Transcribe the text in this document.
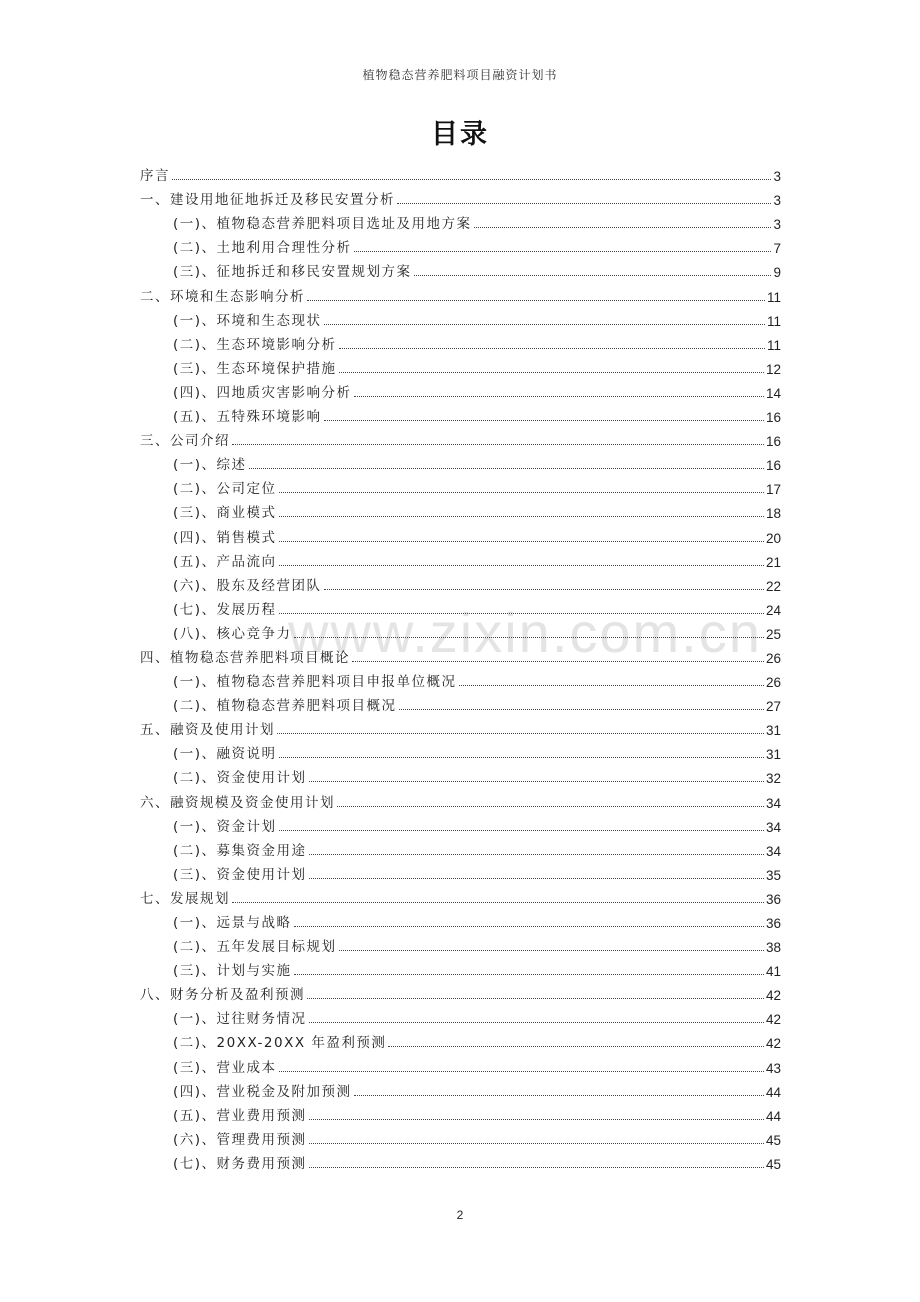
植物稳态营养肥料项目融资计划书
目录
www.zixin.com.cn
序言	3
一、建设用地征地拆迁及移民安置分析	3
(一)、植物稳态营养肥料项目选址及用地方案	3
(二)、土地利用合理性分析	7
(三)、征地拆迁和移民安置规划方案	9
二、环境和生态影响分析	11
(一)、环境和生态现状	11
(二)、生态环境影响分析	11
(三)、生态环境保护措施	12
(四)、四地质灾害影响分析	14
(五)、五特殊环境影响	16
三、公司介绍	16
(一)、综述	16
(二)、公司定位	17
(三)、商业模式	18
(四)、销售模式	20
(五)、产品流向	21
(六)、股东及经营团队	22
(七)、发展历程	24
(八)、核心竞争力	25
四、植物稳态营养肥料项目概论	26
(一)、植物稳态营养肥料项目申报单位概况	26
(二)、植物稳态营养肥料项目概况	27
五、融资及使用计划	31
(一)、融资说明	31
(二)、资金使用计划	32
六、融资规模及资金使用计划	34
(一)、资金计划	34
(二)、募集资金用途	34
(三)、资金使用计划	35
七、发展规划	36
(一)、远景与战略	36
(二)、五年发展目标规划	38
(三)、计划与实施	41
八、财务分析及盈利预测	42
(一)、过往财务情况	42
(二)、20XX-20XX 年盈利预测	42
(三)、营业成本	43
(四)、营业税金及附加预测	44
(五)、营业费用预测	44
(六)、管理费用预测	45
(七)、财务费用预测	45
2
